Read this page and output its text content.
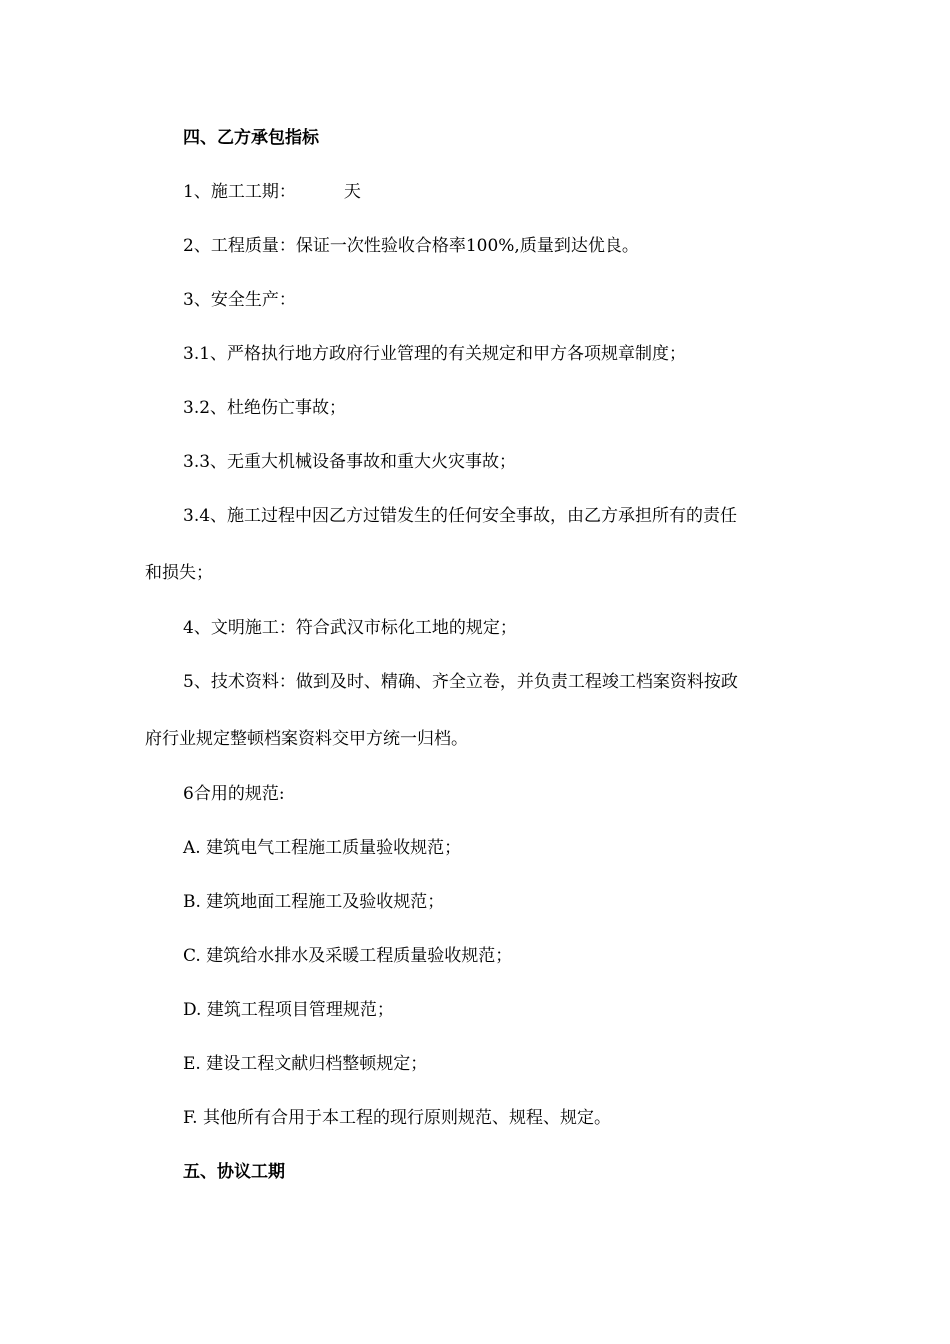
四、乙方承包指标
1、施工工期：	天
2、工程质量：保证一次性验收合格率100%,质量到达优良。
3、安全生产：
3.1、严格执行地方政府行业管理的有关规定和甲方各项规章制度；
3.2、杜绝伤亡事故；
3.3、无重大机械设备事故和重大火灾事故；
3.4、施工过程中因乙方过错发生的任何安全事故，由乙方承担所有的责任
和损失；
4、文明施工：符合武汉市标化工地的规定；
5、技术资料：做到及时、精确、齐全立卷，并负责工程竣工档案资料按政
府行业规定整顿档案资料交甲方统一归档。
6合用的规范:
A. 建筑电气工程施工质量验收规范；
B. 建筑地面工程施工及验收规范；
C. 建筑给水排水及采暖工程质量验收规范；
D. 建筑工程项目管理规范；
E. 建设工程文献归档整顿规定；
F. 其他所有合用于本工程的现行原则规范、规程、规定。
五、协议工期
